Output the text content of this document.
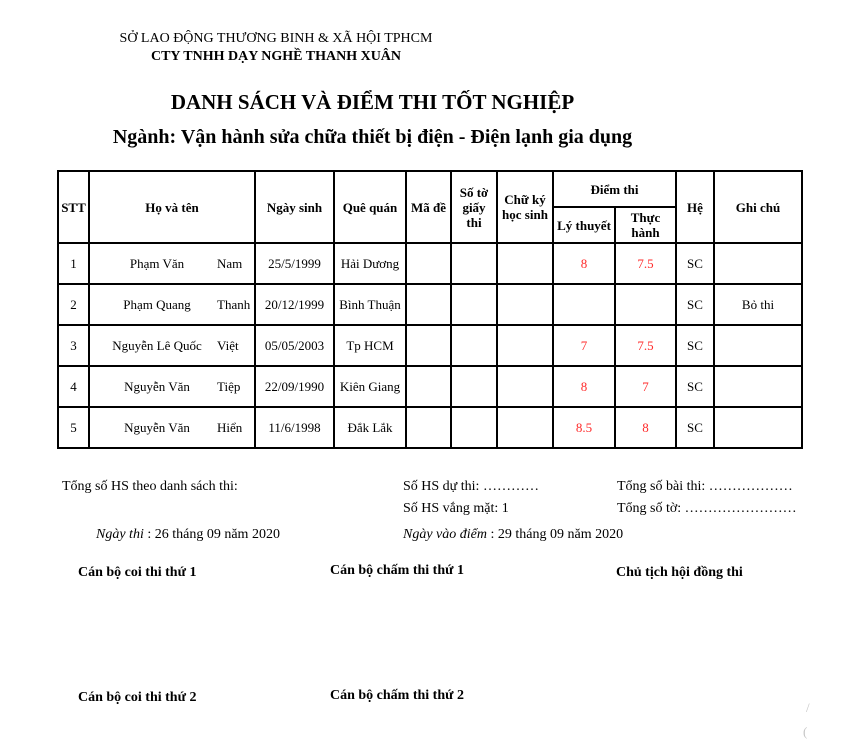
SỞ LAO ĐỘNG THƯƠNG BINH & XÃ HỘI TPHCM
CTY TNHH DẠY NGHỀ THANH XUÂN
DANH SÁCH VÀ ĐIỂM THI TỐT NGHIỆP
Ngành: Vận hành sửa chữa thiết bị điện - Điện lạnh gia dụng
STT	Họ và tên	Ngày sinh	Quê quán	Mã đề	Số tờ giấy thi	Chữ ký học sinh	Điểm thi		Hệ	Ghi chú
							Lý thuyết	Thực hành		
1	Phạm Văn Nam	25/5/1999	Hải Dương				8	7.5	SC	
2	Phạm Quang Thanh	20/12/1999	Bình Thuận						SC	Bỏ thi
3	Nguyễn Lê Quốc Việt	05/05/2003	Tp HCM				7	7.5	SC	
4	Nguyễn Văn Tiệp	22/09/1990	Kiên Giang				8	7	SC	
5	Nguyễn Văn Hiển	11/6/1998	Đắk Lắk				8.5	8	SC	
Tổng số HS theo danh sách thi:	Số HS dự thi: …………	Tổng số bài thi: ………………
Số HS vắng mặt: 1	Tổng số tờ: ……………………
Ngày thi : 26 tháng 09 năm 2020	Ngày vào điểm : 29 tháng 09 năm 2020
Cán bộ coi thi thứ 1	Cán bộ chấm thi thứ 1	Chủ tịch hội đồng thi
Cán bộ coi thi thứ 2	Cán bộ chấm thi thứ 2
/
(
